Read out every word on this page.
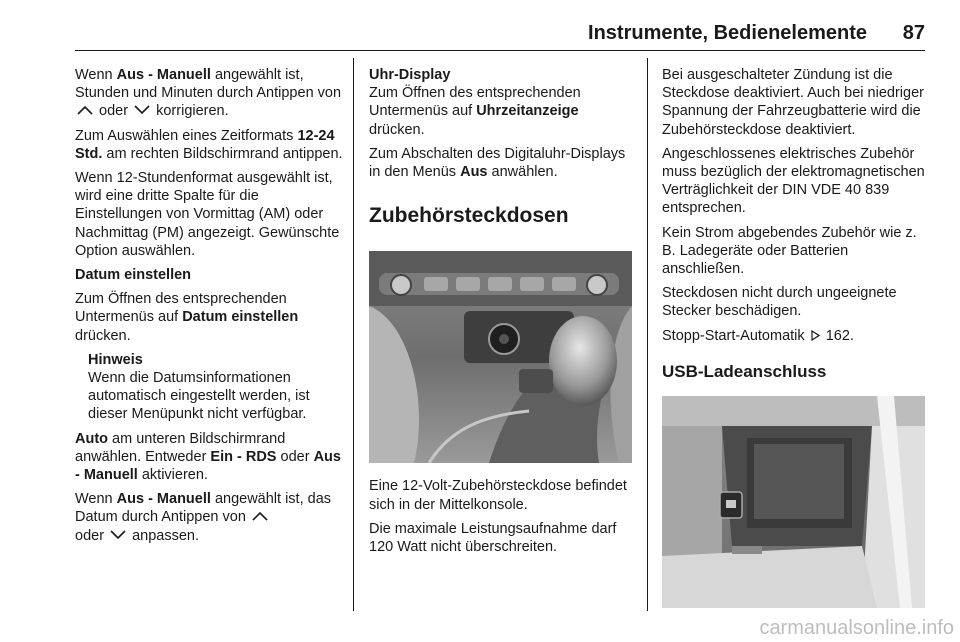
Instrumente, Bedienelemente 87

Wenn Aus - Manuell angewählt ist, Stunden und Minuten durch Antippen von  oder  korrigieren.

Zum Auswählen eines Zeitformats 12-24 Std. am rechten Bildschirmrand antippen.

Wenn 12-Stundenformat ausgewählt ist, wird eine dritte Spalte für die Einstellungen von Vormittag (AM) oder Nachmittag (PM) angezeigt. Gewünschte Option auswählen.

Datum einstellen

Zum Öffnen des entsprechenden Untermenüs auf Datum einstellen drücken.

Hinweis

Wenn die Datumsinformationen automatisch eingestellt werden, ist dieser Menüpunkt nicht verfügbar.

Auto am unteren Bildschirmrand anwählen. Entweder Ein - RDS oder Aus - Manuell aktivieren.

Wenn Aus - Manuell angewählt ist, das Datum durch Antippen von
oder  anpassen.

Uhr-Display

Zum Öffnen des entsprechenden Untermenüs auf Uhrzeitanzeige drücken.

Zum Abschalten des Digitaluhr-Displays in den Menüs Aus anwählen.

Zubehörsteckdosen

Eine 12-Volt-Zubehörsteckdose befindet sich in der Mittelkonsole.

Die maximale Leistungsaufnahme darf 120 Watt nicht überschreiten.

Bei ausgeschalteter Zündung ist die Steckdose deaktiviert. Auch bei niedriger Spannung der Fahrzeugbatterie wird die Zubehörsteckdose deaktiviert.

Angeschlossenes elektrisches Zubehör muss bezüglich der elektromagnetischen Verträglichkeit der DIN VDE 40 839 entsprechen.

Kein Strom abgebendes Zubehör wie z. B. Ladegeräte oder Batterien anschließen.

Steckdosen nicht durch ungeeignete Stecker beschädigen.

Stopp-Start-Automatik  162.

USB-Ladeanschluss
carmanualsonline.info
